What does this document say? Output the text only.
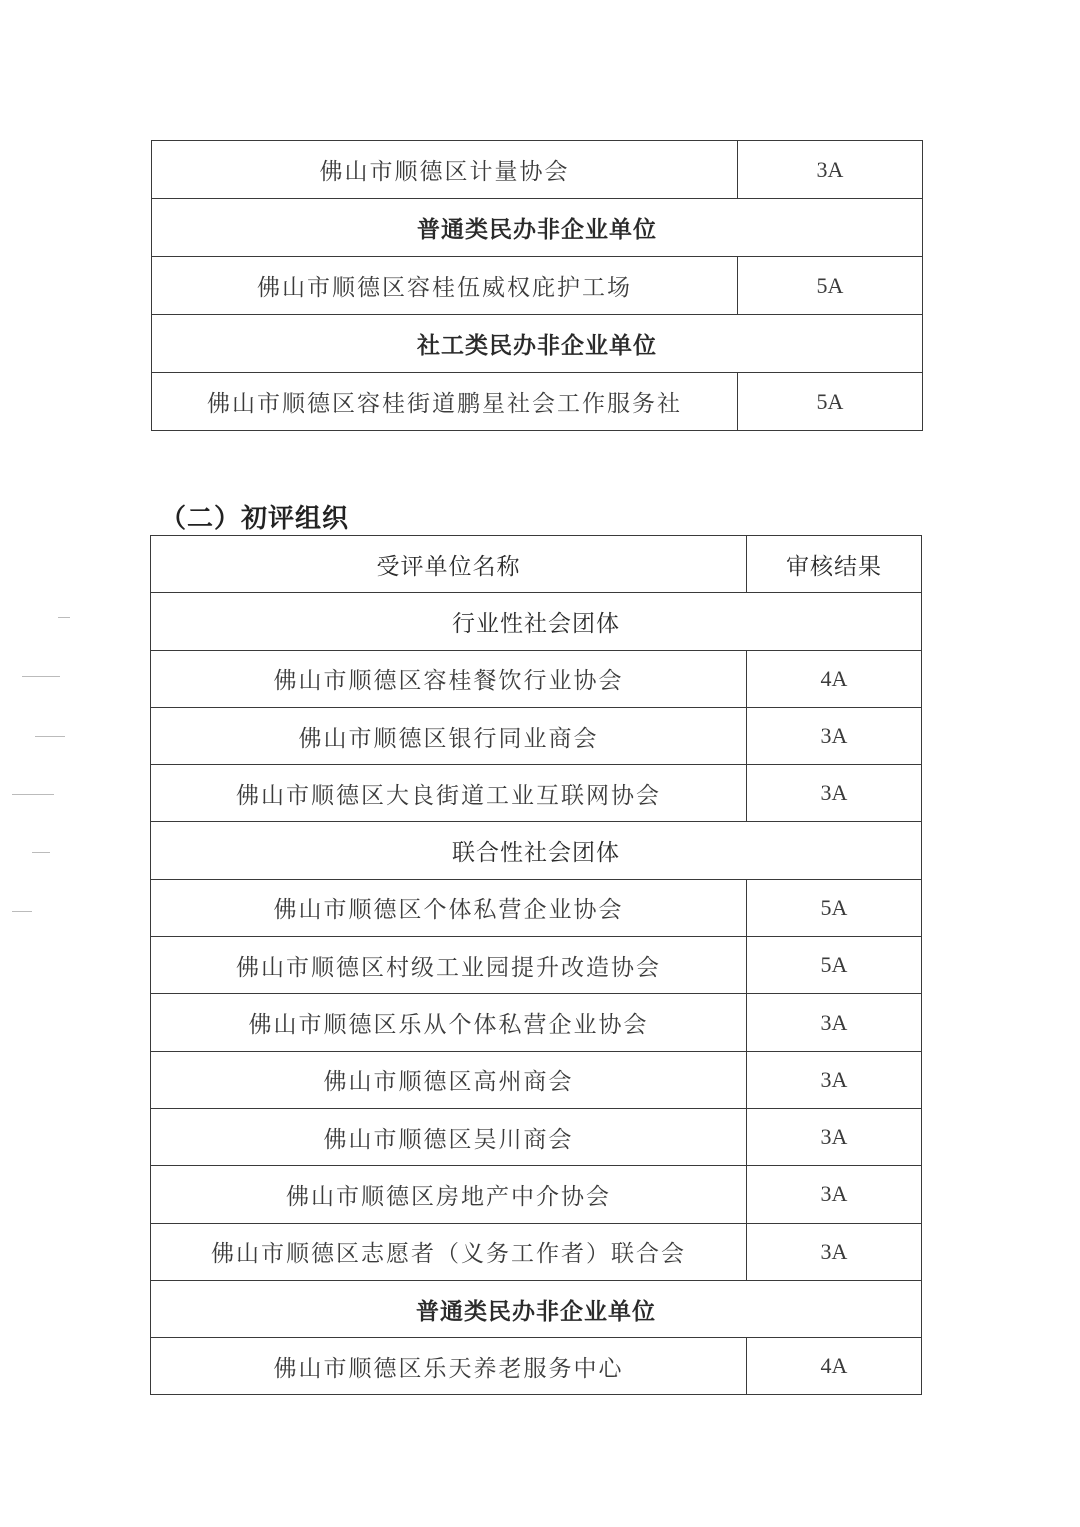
佛山市顺德区计量协会	3A
普通类民办非企业单位	
佛山市顺德区容桂伍威权庇护工场	5A
社工类民办非企业单位	
佛山市顺德区容桂街道鹏星社会工作服务社	5A
（二）初评组织
受评单位名称	审核结果
行业性社会团体	
佛山市顺德区容桂餐饮行业协会	4A
佛山市顺德区银行同业商会	3A
佛山市顺德区大良街道工业互联网协会	3A
联合性社会团体	
佛山市顺德区个体私营企业协会	5A
佛山市顺德区村级工业园提升改造协会	5A
佛山市顺德区乐从个体私营企业协会	3A
佛山市顺德区高州商会	3A
佛山市顺德区吴川商会	3A
佛山市顺德区房地产中介协会	3A
佛山市顺德区志愿者（义务工作者）联合会	3A
普通类民办非企业单位	
佛山市顺德区乐天养老服务中心	4A
